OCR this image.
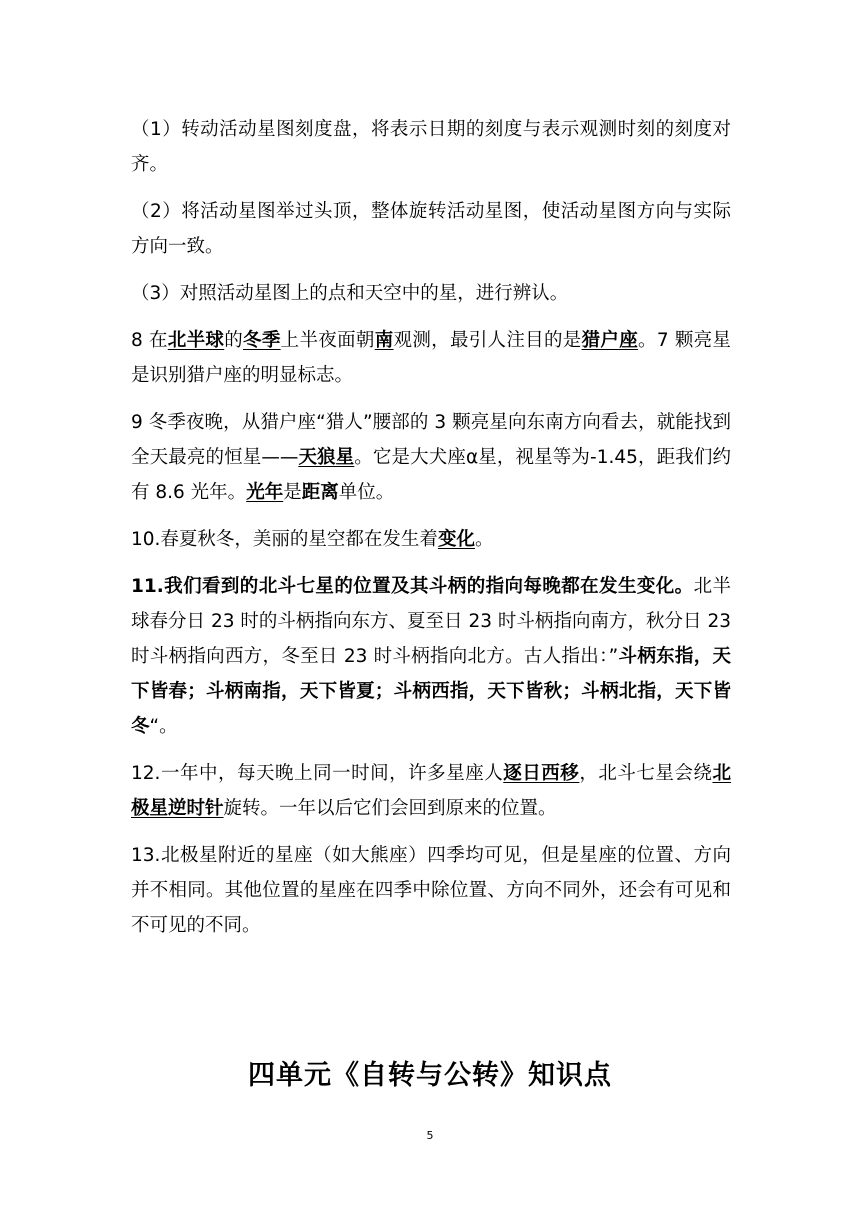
（1）转动活动星图刻度盘，将表示日期的刻度与表示观测时刻的刻度对齐。

（2）将活动星图举过头顶，整体旋转活动星图，使活动星图方向与实际方向一致。

（3）对照活动星图上的点和天空中的星，进行辨认。

8 在北半球的冬季上半夜面朝南观测，最引人注目的是猎户座。7 颗亮星是识别猎户座的明显标志。

9 冬季夜晚，从猎户座“猎人”腰部的 3 颗亮星向东南方向看去，就能找到全天最亮的恒星——天狼星。它是大犬座α星，视星等为-1.45，距我们约有 8.6 光年。光年是距离单位。

10.春夏秋冬，美丽的星空都在发生着变化。

11.我们看到的北斗七星的位置及其斗柄的指向每晚都在发生变化。北半球春分日 23 时的斗柄指向东方、夏至日 23 时斗柄指向南方，秋分日 23 时斗柄指向西方，冬至日 23 时斗柄指向北方。古人指出：”斗柄东指，天下皆春；斗柄南指，天下皆夏；斗柄西指，天下皆秋；斗柄北指，天下皆冬“。

12.一年中，每天晚上同一时间，许多星座人逐日西移，北斗七星会绕北极星逆时针旋转。一年以后它们会回到原来的位置。

13.北极星附近的星座（如大熊座）四季均可见，但是星座的位置、方向并不相同。其他位置的星座在四季中除位置、方向不同外，还会有可见和不可见的不同。

四单元《自转与公转》知识点
5
